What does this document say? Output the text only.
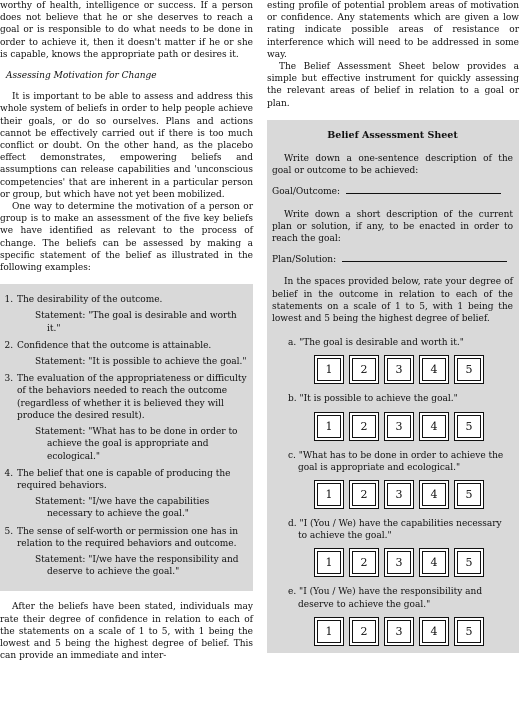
worthy of health, intelligence or success. If a person does not believe that he or she deserves to reach a goal or is responsible to do what needs to be done in order to achieve it, then it doesn't matter if he or she is capable, knows the appropriate path or desires it.

Assessing Motivation for Change

It is important to be able to assess and address this whole system of beliefs in order to help people achieve their goals, or do so ourselves. Plans and actions cannot be effectively carried out if there is too much conflict or doubt. On the other hand, as the placebo effect demonstrates, empowering beliefs and assumptions can release capabilities and 'unconscious competencies' that are inherent in a particular person or group, but which have not yet been mobilized.

One way to determine the motivation of a person or group is to make an assessment of the five key beliefs we have identified as relevant to the process of change. The beliefs can be assessed by making a specific statement of the belief as illustrated in the following examples:

1. The desirability of the outcome.
Statement: "The goal is desirable and worth it."
2. Confidence that the outcome is attainable.
Statement: "It is possible to achieve the goal."
3. The evaluation of the appropriateness or difficulty of the behaviors needed to reach the outcome (regardless of whether it is believed they will produce the desired result).
Statement: "What has to be done in order to achieve the goal is appropriate and ecological."
4. The belief that one is capable of producing the required behaviors.
Statement: "I/we have the capabilities necessary to achieve the goal."
5. The sense of self-worth or permission one has in relation to the required behaviors and outcome.
Statement: "I/we have the responsibility and deserve to achieve the goal."

After the beliefs have been stated, individuals may rate their degree of confidence in relation to each of the statements on a scale of 1 to 5, with 1 being the lowest and 5 being the highest degree of belief. This can provide an immediate and inter-

esting profile of potential problem areas of motivation or confidence. Any statements which are given a low rating indicate possible areas of resistance or interference which will need to be addressed in some way.

The Belief Assessment Sheet below provides a simple but effective instrument for quickly assessing the relevant areas of belief in relation to a goal or plan.

Belief Assessment Sheet

Write down a one-sentence description of the goal or outcome to be achieved:

Goal/Outcome:

Write down a short description of the current plan or solution, if any, to be enacted in order to reach the goal:

Plan/Solution:

In the spaces provided below, rate your degree of belief in the outcome in relation to each of the statements on a scale of 1 to 5, with 1 being the lowest and 5 being the highest degree of belief.

a. "The goal is desirable and worth it."
1	2	3	4	5
b. "It is possible to achieve the goal."
1	2	3	4	5
c. "What has to be done in order to achieve the goal is appropriate and ecological."
1	2	3	4	5
d. "I (You / We) have the capabilities necessary to achieve the goal."
1	2	3	4	5
e. "I (You / We) have the responsibility and deserve to achieve the goal."
1	2	3	4	5
